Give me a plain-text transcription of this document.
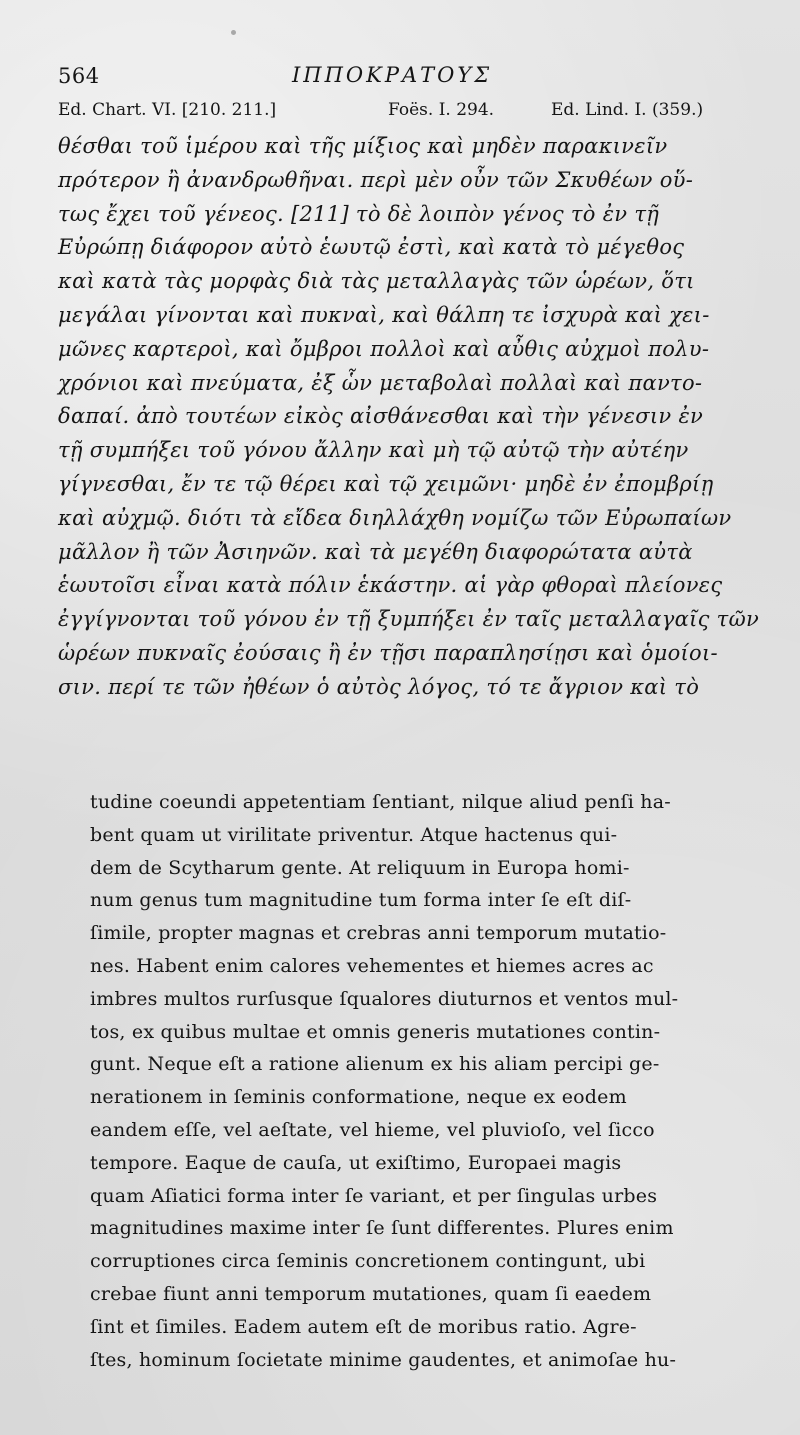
564	ΙΠΠΟΚΡΑΤΟΥΣ
Ed. Chart. VI. [210. 211.]	Foës. I. 294.	Ed. Lind. I. (359.)
θέσθαι τοῦ ἱμέρου καὶ τῆς μίξιος καὶ μηδὲν παρακινεῖν
πρότερον ἢ ἀνανδρωθῆναι. περὶ μὲν οὖν τῶν Σκυθέων οὕ-
τως ἔχει τοῦ γένεος. [211] τὸ δὲ λοιπὸν γένος τὸ ἐν τῇ
Εὐρώπῃ διάφορον αὐτὸ ἑωυτῷ ἐστὶ, καὶ κατὰ τὸ μέγεθος
καὶ κατὰ τὰς μορφὰς διὰ τὰς μεταλλαγὰς τῶν ὡρέων, ὅτι
μεγάλαι γίνονται καὶ πυκναὶ, καὶ θάλπη τε ἰσχυρὰ καὶ χει-
μῶνες καρτεροὶ, καὶ ὄμβροι πολλοὶ καὶ αὖθις αὐχμοὶ πολυ-
χρόνιοι καὶ πνεύματα, ἐξ ὧν μεταβολαὶ πολλαὶ καὶ παντο-
δαπαί. ἀπὸ τουτέων εἰκὸς αἰσθάνεσθαι καὶ τὴν γένεσιν ἐν
τῇ συμπήξει τοῦ γόνου ἄλλην καὶ μὴ τῷ αὐτῷ τὴν αὐτέην
γίγνεσθαι, ἔν τε τῷ θέρει καὶ τῷ χειμῶνι· μηδὲ ἐν ἐπομβρίῃ
καὶ αὐχμῷ. διότι τὰ εἴδεα διηλλάχθη νομίζω τῶν Εὐρωπαίων
μᾶλλον ἢ τῶν Ἀσιηνῶν. καὶ τὰ μεγέθη διαφορώτατα αὐτὰ
ἑωυτοῖσι εἶναι κατὰ πόλιν ἑκάστην. αἱ γὰρ φθοραὶ πλείονες
ἐγγίγνονται τοῦ γόνου ἐν τῇ ξυμπήξει ἐν ταῖς μεταλλαγαῖς τῶν
ὡρέων πυκναῖς ἐούσαις ἢ ἐν τῇσι παραπλησίῃσι καὶ ὁμοίοι-
σιν. περί τε τῶν ἠθέων ὁ αὐτὸς λόγος, τό τε ἄγριον καὶ τὸ
tudine coeundi appetentiam ſentiant, nilque aliud penſi ha-
bent quam ut virilitate priventur. Atque hactenus qui-
dem de Scytharum gente. At reliquum in Europa homi-
num genus tum magnitudine tum forma inter ſe eſt diſ-
ſimile, propter magnas et crebras anni temporum mutatio-
nes. Habent enim calores vehementes et hiemes acres ac
imbres multos rurſusque ſqualores diuturnos et ventos mul-
tos, ex quibus multae et omnis generis mutationes contin-
gunt. Neque eſt a ratione alienum ex his aliam percipi ge-
nerationem in ſeminis conformatione, neque ex eodem
eandem eſſe, vel aeſtate, vel hieme, vel pluvioſo, vel ſicco
tempore. Eaque de cauſa, ut exiſtimo, Europaei magis
quam Aſiatici forma inter ſe variant, et per ſingulas urbes
magnitudines maxime inter ſe ſunt differentes. Plures enim
corruptiones circa ſeminis concretionem contingunt, ubi
crebae fiunt anni temporum mutationes, quam ſi eaedem
ſint et ſimiles. Eadem autem eſt de moribus ratio. Agre-
ſtes, hominum ſocietate minime gaudentes, et animoſae hu-
